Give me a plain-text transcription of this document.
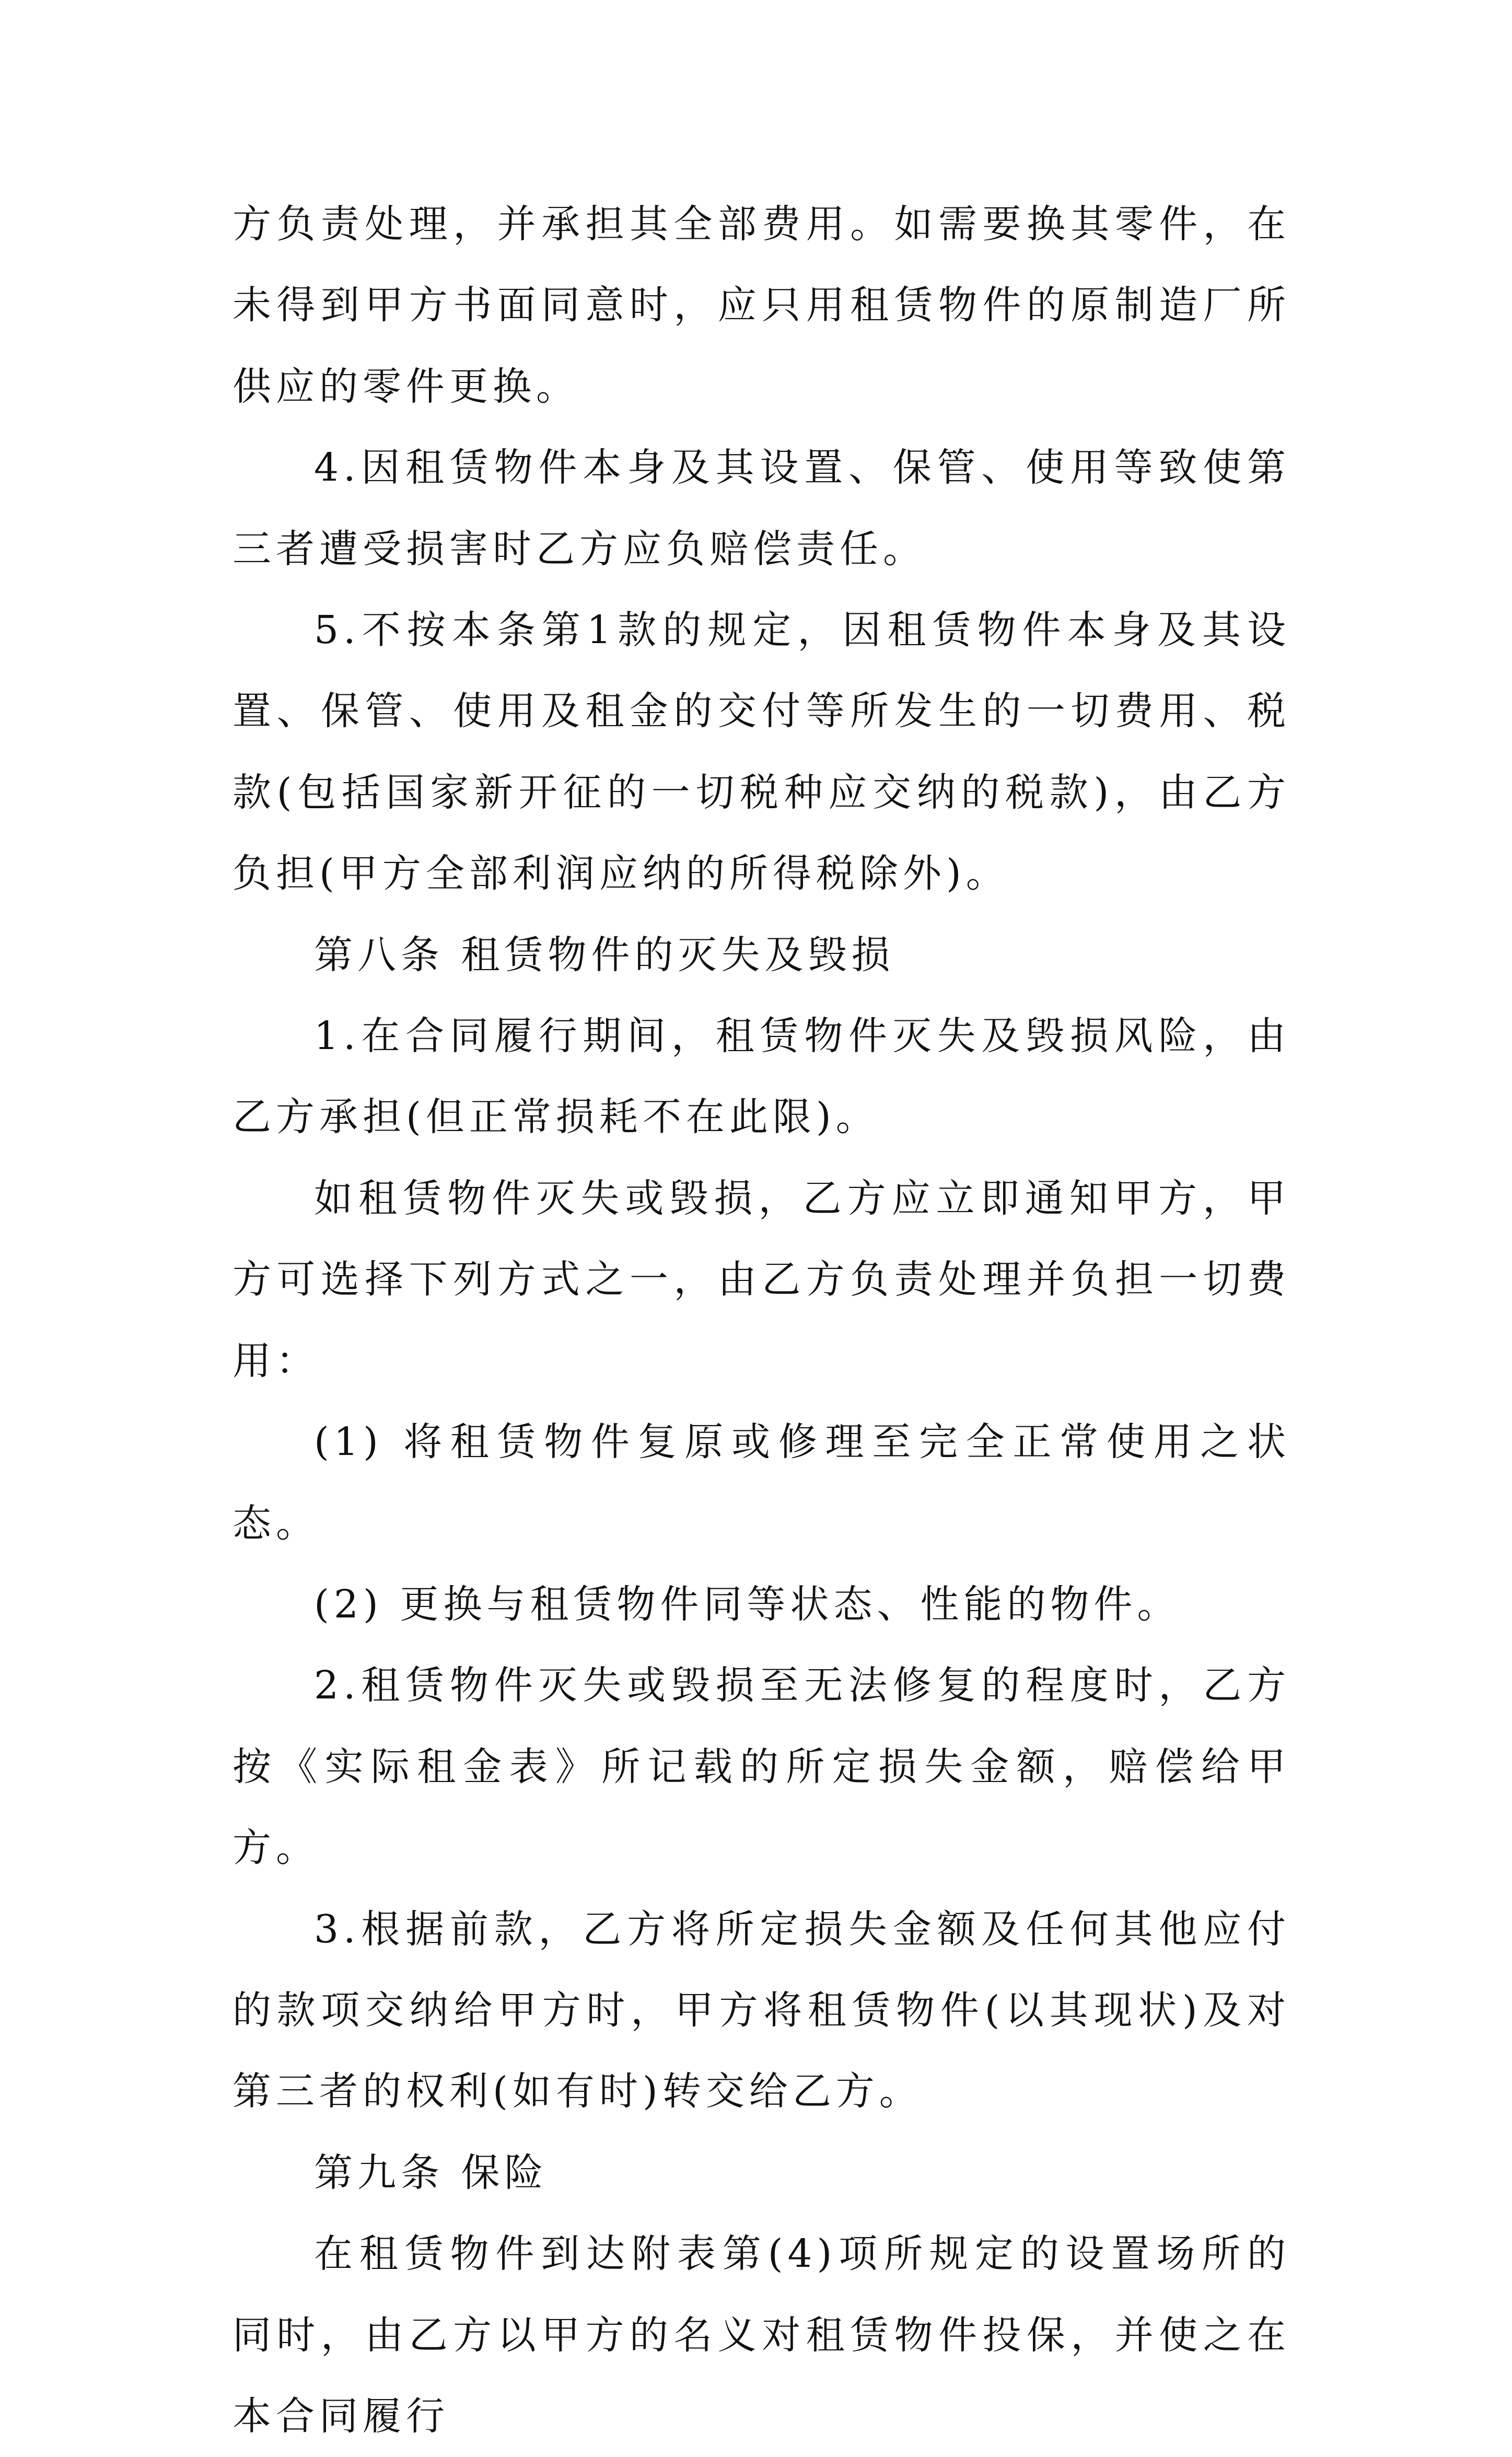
方负责处理，并承担其全部费用。如需要换其零件，在未得到甲方书面同意时，应只用租赁物件的原制造厂所供应的零件更换。

4.因租赁物件本身及其设置、保管、使用等致使第三者遭受损害时乙方应负赔偿责任。

5.不按本条第1款的规定，因租赁物件本身及其设置、保管、使用及租金的交付等所发生的一切费用、税款(包括国家新开征的一切税种应交纳的税款)，由乙方负担(甲方全部利润应纳的所得税除外)。

第八条 租赁物件的灭失及毁损

1.在合同履行期间，租赁物件灭失及毁损风险，由乙方承担(但正常损耗不在此限)。

如租赁物件灭失或毁损，乙方应立即通知甲方，甲方可选择下列方式之一，由乙方负责处理并负担一切费用：

(1) 将租赁物件复原或修理至完全正常使用之状态。

(2) 更换与租赁物件同等状态、性能的物件。

2.租赁物件灭失或毁损至无法修复的程度时，乙方按《实际租金表》所记载的所定损失金额，赔偿给甲方。

3.根据前款，乙方将所定损失金额及任何其他应付的款项交纳给甲方时，甲方将租赁物件(以其现状)及对第三者的权利(如有时)转交给乙方。

第九条 保险

在租赁物件到达附表第(4)项所规定的设置场所的同时，由乙方以甲方的名义对租赁物件投保，并使之在本合同履行
